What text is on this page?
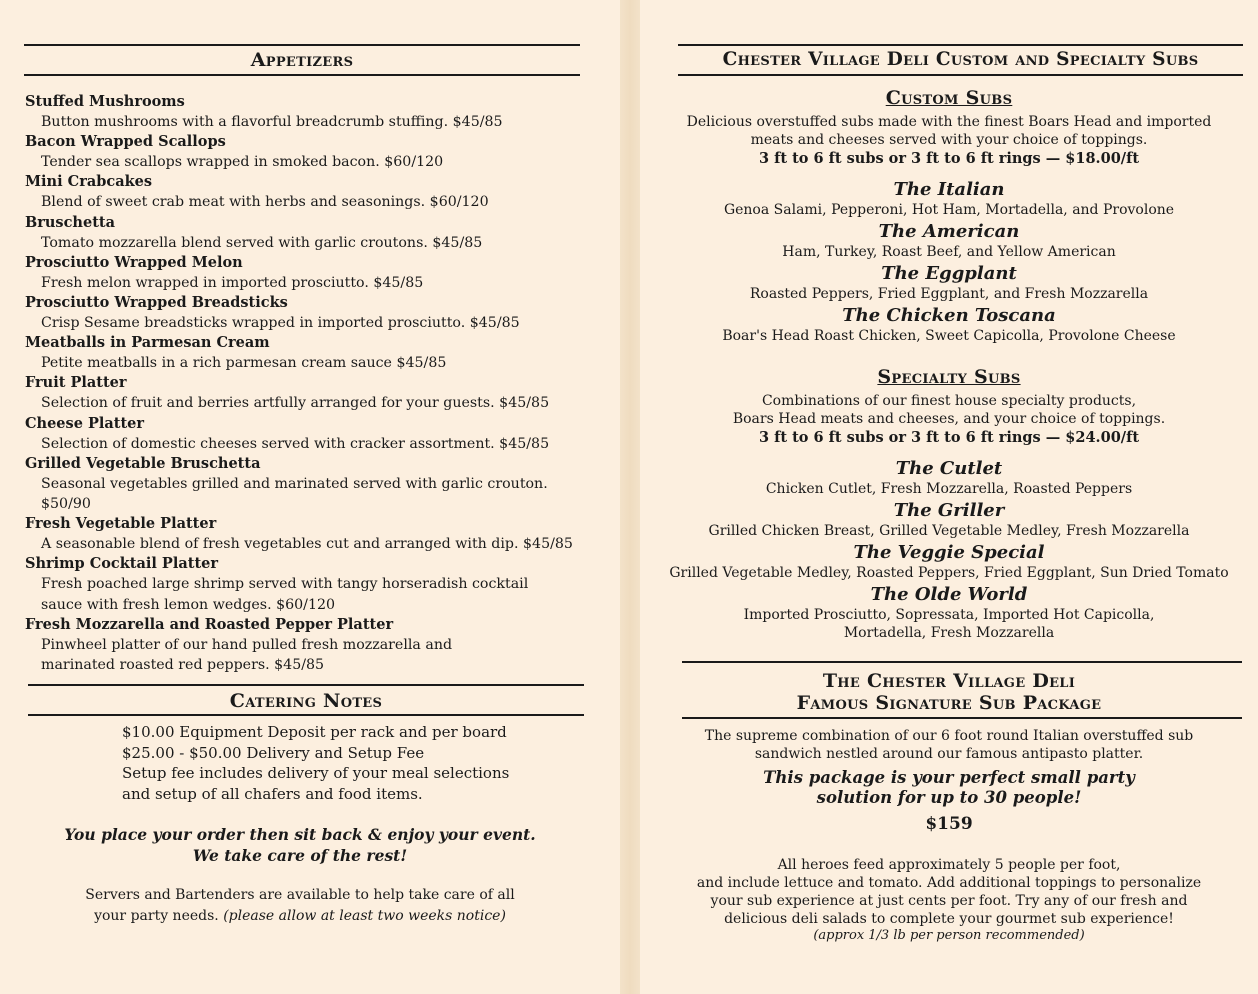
Appetizers
Stuffed Mushrooms
Button mushrooms with a flavorful breadcrumb stuffing. $45/85
Bacon Wrapped Scallops
Tender sea scallops wrapped in smoked bacon. $60/120
Mini Crabcakes
Blend of sweet crab meat with herbs and seasonings. $60/120
Bruschetta
Tomato mozzarella blend served with garlic croutons. $45/85
Prosciutto Wrapped Melon
Fresh melon wrapped in imported prosciutto. $45/85
Prosciutto Wrapped Breadsticks
Crisp Sesame breadsticks wrapped in imported prosciutto. $45/85
Meatballs in Parmesan Cream
Petite meatballs in a rich parmesan cream sauce $45/85
Fruit Platter
Selection of fruit and berries artfully arranged for your guests. $45/85
Cheese Platter
Selection of domestic cheeses served with cracker assortment. $45/85
Grilled Vegetable Bruschetta
Seasonal vegetables grilled and marinated served with garlic crouton. $50/90
Fresh Vegetable Platter
A seasonable blend of fresh vegetables cut and arranged with dip. $45/85
Shrimp Cocktail Platter
Fresh poached large shrimp served with tangy horseradish cocktail sauce with fresh lemon wedges. $60/120
Fresh Mozzarella and Roasted Pepper Platter
Pinwheel platter of our hand pulled fresh mozzarella and marinated roasted red peppers. $45/85
Catering Notes
$10.00 Equipment Deposit per rack and per board
$25.00 - $50.00 Delivery and Setup Fee
Setup fee includes delivery of your meal selections
and setup of all chafers and food items.
You place your order then sit back & enjoy your event.
We take care of the rest!
Servers and Bartenders are available to help take care of all
your party needs. (please allow at least two weeks notice)
Chester Village Deli Custom and Specialty Subs
Custom Subs
Delicious overstuffed subs made with the finest Boars Head and imported
meats and cheeses served with your choice of toppings.
3 ft to 6 ft subs or 3 ft to 6 ft rings — $18.00/ft
The Italian
Genoa Salami, Pepperoni, Hot Ham, Mortadella, and Provolone
The American
Ham, Turkey, Roast Beef, and Yellow American
The Eggplant
Roasted Peppers, Fried Eggplant, and Fresh Mozzarella
The Chicken Toscana
Boar's Head Roast Chicken, Sweet Capicolla, Provolone Cheese
Specialty Subs
Combinations of our finest house specialty products,
Boars Head meats and cheeses, and your choice of toppings.
3 ft to 6 ft subs or 3 ft to 6 ft rings — $24.00/ft
The Cutlet
Chicken Cutlet, Fresh Mozzarella, Roasted Peppers
The Griller
Grilled Chicken Breast, Grilled Vegetable Medley, Fresh Mozzarella
The Veggie Special
Grilled Vegetable Medley, Roasted Peppers, Fried Eggplant, Sun Dried Tomato
The Olde World
Imported Prosciutto, Sopressata, Imported Hot Capicolla,
Mortadella, Fresh Mozzarella
The Chester Village Deli
Famous Signature Sub Package
The supreme combination of our 6 foot round Italian overstuffed sub
sandwich nestled around our famous antipasto platter.
This package is your perfect small party
solution for up to 30 people!
$159
All heroes feed approximately 5 people per foot,
and include lettuce and tomato. Add additional toppings to personalize
your sub experience at just cents per foot. Try any of our fresh and
delicious deli salads to complete your gourmet sub experience!
(approx 1/3 lb per person recommended)
